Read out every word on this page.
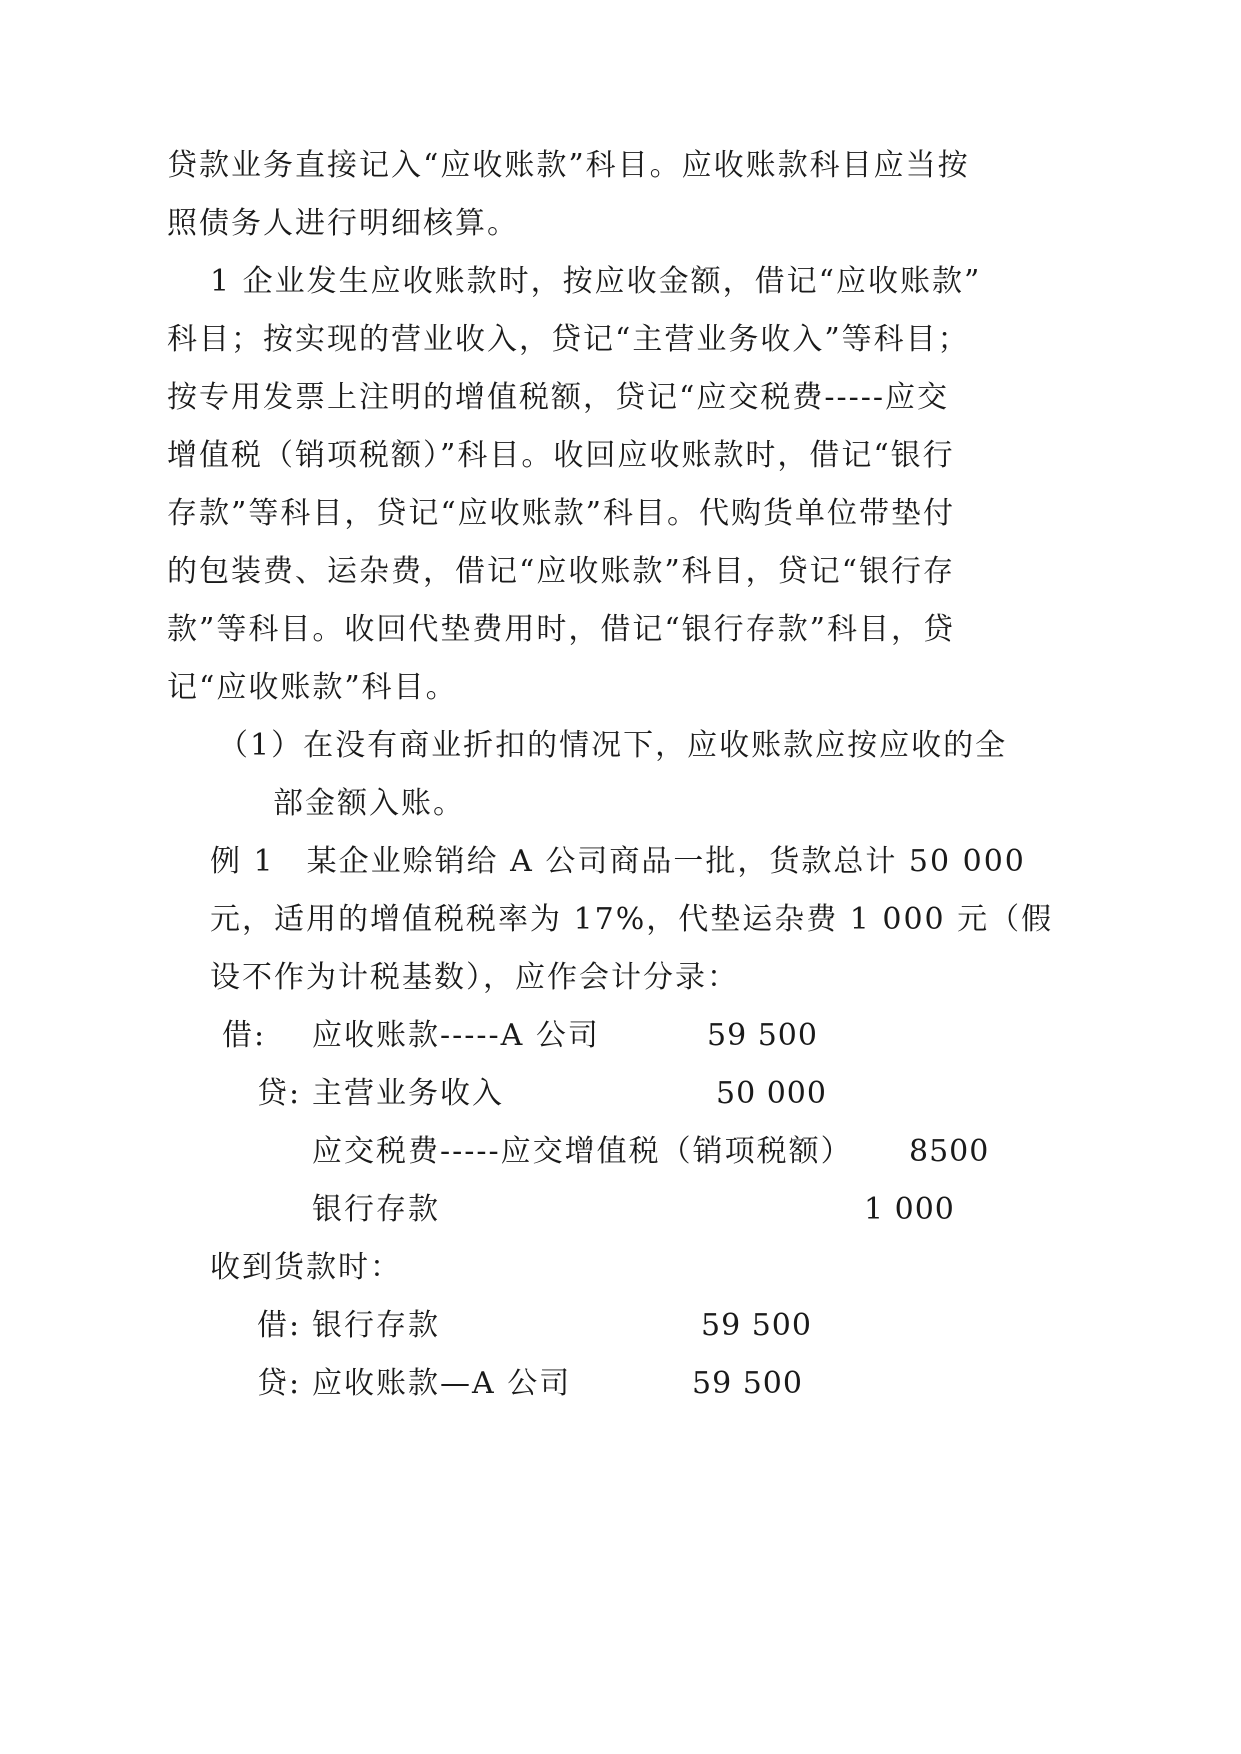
贷款业务直接记入“应收账款”科目。应收账款科目应当按
照债务人进行明细核算。
1 企业发生应收账款时，按应收金额，借记“应收账款”
科目；按实现的营业收入，贷记“主营业务收入”等科目；
按专用发票上注明的增值税额，贷记“应交税费-----应交
增值税（销项税额）”科目。收回应收账款时，借记“银行
存款”等科目，贷记“应收账款”科目。代购货单位带垫付
的包装费、运杂费，借记“应收账款”科目，贷记“银行存
款”等科目。收回代垫费用时，借记“银行存款”科目，贷
记“应收账款”科目。
（1）在没有商业折扣的情况下，应收账款应按应收的全
部金额入账。
例 1　某企业赊销给 A 公司商品一批，货款总计 50 000
元，适用的增值税税率为 17%，代垫运杂费 1 000 元（假
设不作为计税基数），应作会计分录：
借: 应收账款-----A 公司	59 500
贷: 主营业务收入	50 000
应交税费-----应交增值税（销项税额） 8500
银行存款	1 000
收到货款时：
借: 银行存款	59 500
贷: 应收账款—A 公司	59 500
